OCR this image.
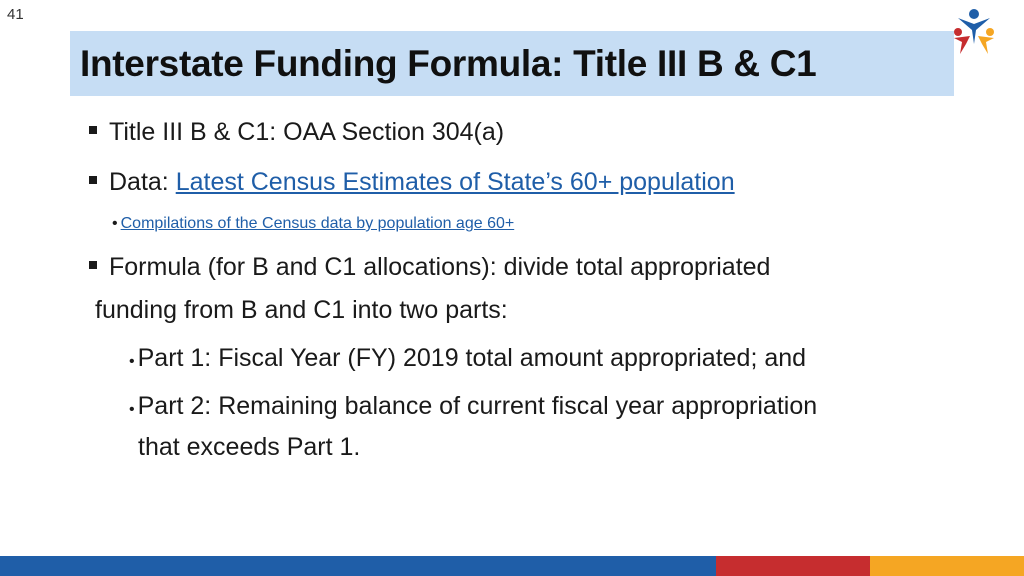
41
Interstate Funding Formula: Title III B & C1
Title III B & C1: OAA Section 304(a)
Data: Latest Census Estimates of State’s 60+ population
• Compilations of the Census data by population age 60+
Formula (for B and C1 allocations): divide total appropriated
funding from B and C1 into two parts:
• Part 1: Fiscal Year (FY) 2019 total amount appropriated; and
• Part 2: Remaining balance of current fiscal year appropriation
that exceeds Part 1.
